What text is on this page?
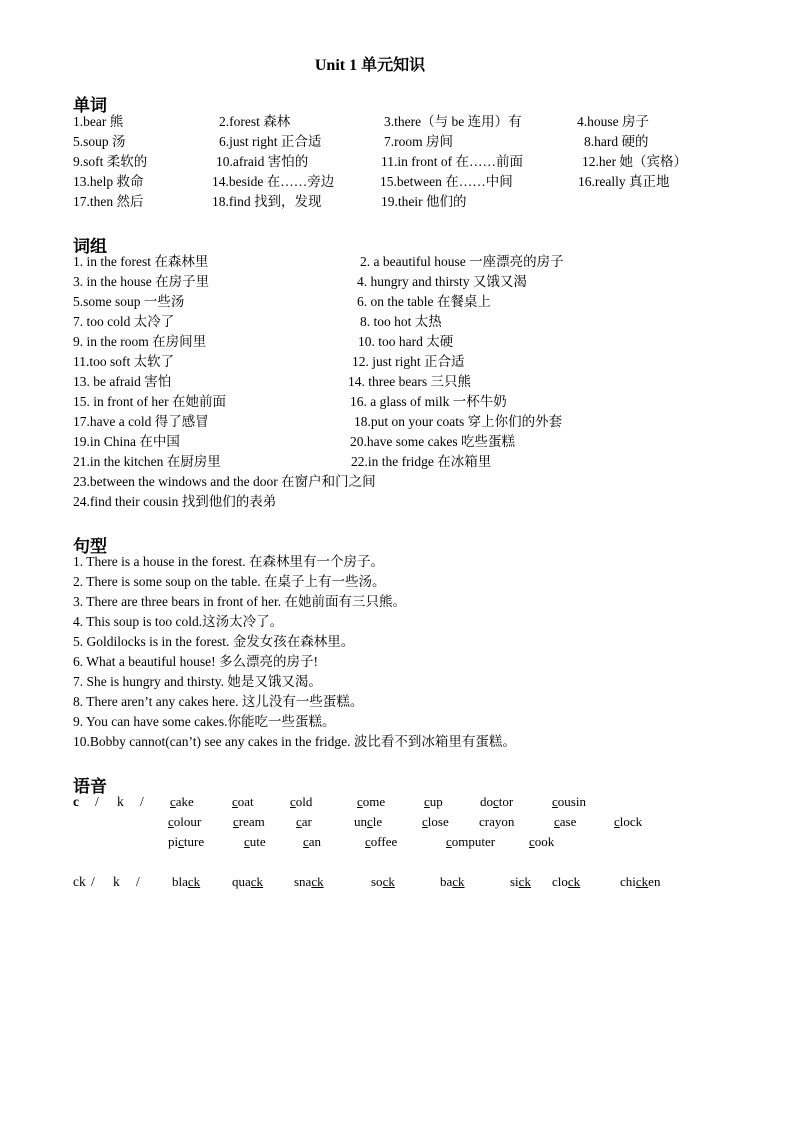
Unit 1 单元知识
单词
1.bear 熊	2.forest 森林	3.there（与 be 连用）有	4.house 房子
5.soup 汤	6.just right 正合适	7.room 房间	8.hard 硬的
9.soft 柔软的	10.afraid 害怕的	11.in front of 在……前面	12.her 她（宾格）
13.help 救命	14.beside 在……旁边	15.between 在……中间	16.really 真正地
17.then 然后	18.find 找到，发现	19.their 他们的
词组
1. in the forest 在森林里	2. a beautiful house 一座漂亮的房子
3. in the house 在房子里	4. hungry and thirsty 又饿又渴
5.some soup 一些汤	6. on the table 在餐桌上
7. too cold 太冷了	8. too hot 太热
9. in the room 在房间里	10. too hard 太硬
11.too soft 太软了	12. just right 正合适
13. be afraid 害怕	14. three bears 三只熊
15. in front of her 在她前面	16. a glass of milk 一杯牛奶
17.have a cold 得了感冒	18.put on your coats 穿上你们的外套
19.in China 在中国	20.have some cakes 吃些蛋糕
21.in the kitchen 在厨房里	22.in the fridge 在冰箱里
23.between the windows and the door 在窗户和门之间
24.find their cousin 找到他们的表弟
句型
1. There is a house in the forest. 在森林里有一个房子。
2. There is some soup on the table. 在桌子上有一些汤。
3. There are three bears in front of her. 在她前面有三只熊。
4. This soup is too cold.这汤太冷了。
5. Goldilocks is in the forest. 金发女孩在森林里。
6. What a beautiful house! 多么漂亮的房子!
7. She is hungry and thirsty. 她是又饿又渴。
8. There aren’t any cakes here. 这儿没有一些蛋糕。
9. You can have some cakes.你能吃一些蛋糕。
10.Bobby cannot(can’t) see any cakes in the fridge. 波比看不到冰箱里有蛋糕。
语音
c / k / cake	coat	cold	come	cup	doctor	cousin
colour cream car	uncle	close crayon	case	clock
picture	cute	can	coffee	computer	cook
ck / k / black quack snack	sock	back	sick clock	chicken
